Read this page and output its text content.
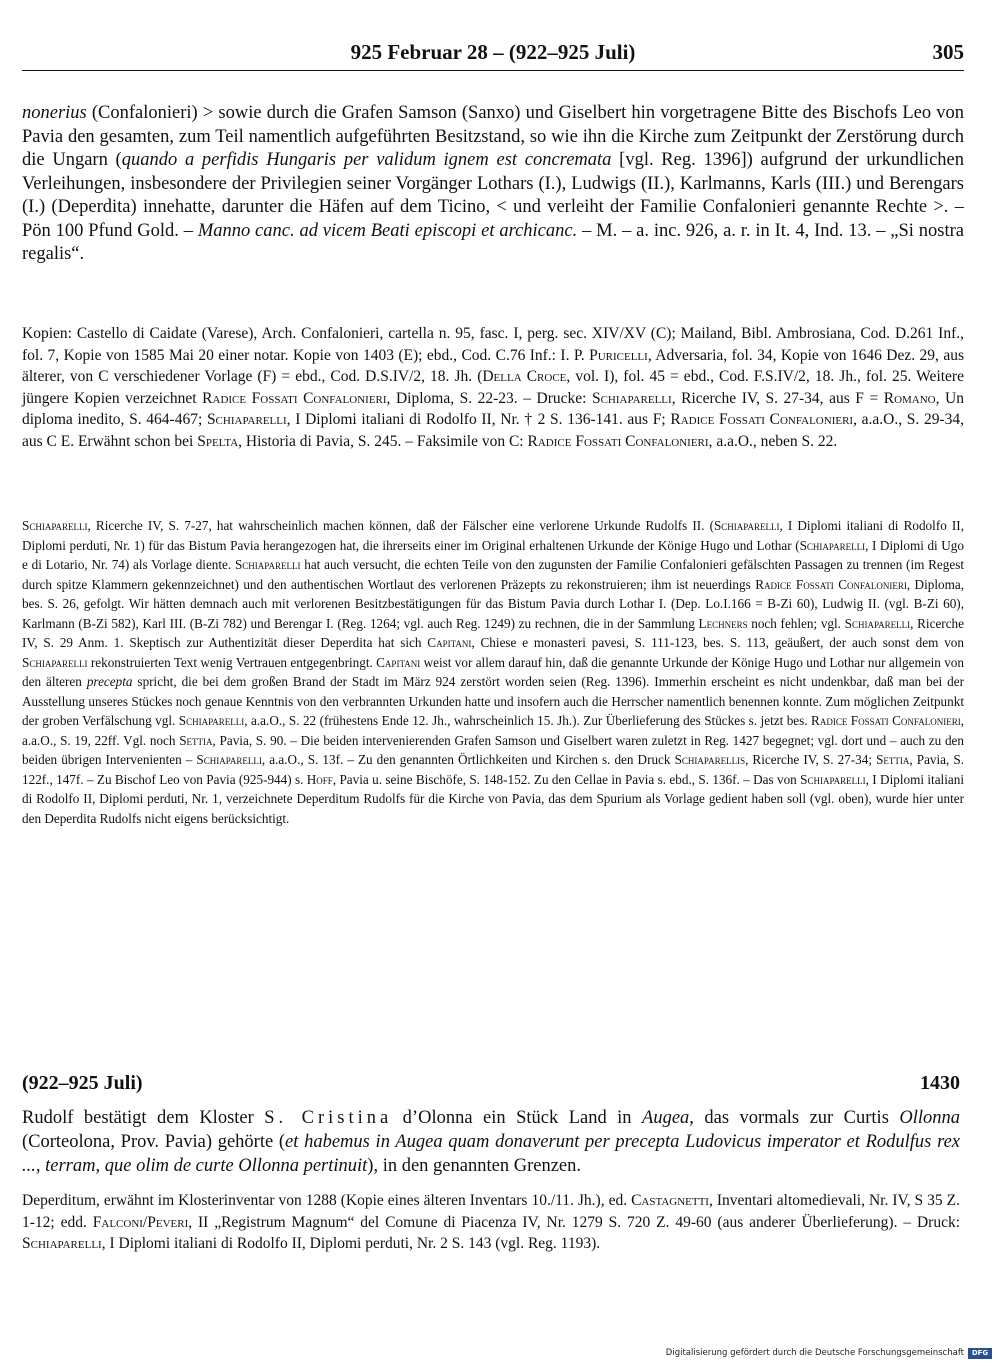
925 Februar 28 – (922–925 Juli)	305

nonerius (Confalonieri) > sowie durch die Grafen Samson (Sanxo) und Giselbert hin vorgetragene Bitte des Bischofs Leo von Pavia den gesamten, zum Teil namentlich aufgeführten Besitzstand, so wie ihn die Kirche zum Zeitpunkt der Zerstörung durch die Ungarn (quando a perfidis Hungaris per validum ignem est concremata [vgl. Reg. 1396]) aufgrund der urkundlichen Verleihungen, insbesondere der Privilegien seiner Vorgänger Lothars (I.), Ludwigs (II.), Karlmanns, Karls (III.) und Berengars (I.) (Deperdita) innehatte, darunter die Häfen auf dem Ticino, < und verleiht der Familie Confalonieri genannte Rechte >. – Pön 100 Pfund Gold. – Manno canc. ad vicem Beati episcopi et archicanc. – M. – a. inc. 926, a. r. in It. 4, Ind. 13. – „Si nostra regalis“.

Kopien: Castello di Caidate (Varese), Arch. Confalonieri, cartella n. 95, fasc. I, perg. sec. XIV/XV (C); Mailand, Bibl. Ambrosiana, Cod. D.261 Inf., fol. 7, Kopie von 1585 Mai 20 einer notar. Kopie von 1403 (E); ebd., Cod. C.76 Inf.: I. P. Puricelli, Adversaria, fol. 34, Kopie von 1646 Dez. 29, aus älterer, von C verschiedener Vorlage (F) = ebd., Cod. D.S.IV/2, 18. Jh. (Della Croce, vol. I), fol. 45 = ebd., Cod. F.S.IV/2, 18. Jh., fol. 25. Weitere jüngere Kopien verzeichnet Radice Fossati Confalonieri, Diploma, S. 22-23. – Drucke: Schiaparelli, Ricerche IV, S. 27-34, aus F = Romano, Un diploma inedito, S. 464-467; Schiaparelli, I Diplomi italiani di Rodolfo II, Nr. † 2 S. 136-141. aus F; Radice Fossati Confalonieri, a.a.O., S. 29-34, aus C E. Erwähnt schon bei Spelta, Historia di Pavia, S. 245. – Faksimile von C: Radice Fossati Confalonieri, a.a.O., neben S. 22.

Schiaparelli, Ricerche IV, S. 7-27, hat wahrscheinlich machen können, daß der Fälscher eine verlorene Urkunde Rudolfs II. (Schiaparelli, I Diplomi italiani di Rodolfo II, Diplomi perduti, Nr. 1) für das Bistum Pavia herangezogen hat, die ihrerseits einer im Original erhaltenen Urkunde der Könige Hugo und Lothar (Schiaparelli, I Diplomi di Ugo e di Lotario, Nr. 74) als Vorlage diente. Schiaparelli hat auch versucht, die echten Teile von den zugunsten der Familie Confalonieri gefälschten Passagen zu trennen (im Regest durch spitze Klammern gekennzeichnet) und den authentischen Wortlaut des verlorenen Präzepts zu rekonstruieren; ihm ist neuerdings Radice Fossati Confalonieri, Diploma, bes. S. 26, gefolgt. Wir hätten demnach auch mit verlorenen Besitzbestätigungen für das Bistum Pavia durch Lothar I. (Dep. Lo.I.166 = B-Zi 60), Ludwig II. (vgl. B-Zi 60), Karlmann (B-Zi 582), Karl III. (B-Zi 782) und Berengar I. (Reg. 1264; vgl. auch Reg. 1249) zu rechnen, die in der Sammlung Lechners noch fehlen; vgl. Schiaparelli, Ricerche IV, S. 29 Anm. 1. Skeptisch zur Authentizität dieser Deperdita hat sich Capitani, Chiese e monasteri pavesi, S. 111-123, bes. S. 113, geäußert, der auch sonst dem von Schiaparelli rekonstruierten Text wenig Vertrauen entgegenbringt. Capitani weist vor allem darauf hin, daß die genannte Urkunde der Könige Hugo und Lothar nur allgemein von den älteren precepta spricht, die bei dem großen Brand der Stadt im März 924 zerstört worden seien (Reg. 1396). Immerhin erscheint es nicht undenkbar, daß man bei der Ausstellung unseres Stückes noch genaue Kenntnis von den verbrannten Urkunden hatte und insofern auch die Herrscher namentlich benennen konnte. Zum möglichen Zeitpunkt der groben Verfälschung vgl. Schiaparelli, a.a.O., S. 22 (frühestens Ende 12. Jh., wahrscheinlich 15. Jh.). Zur Überlieferung des Stückes s. jetzt bes. Radice Fossati Confalonieri, a.a.O., S. 19, 22ff. Vgl. noch Settia, Pavia, S. 90. – Die beiden intervenierenden Grafen Samson und Giselbert waren zuletzt in Reg. 1427 begegnet; vgl. dort und – auch zu den beiden übrigen Intervenienten – Schiaparelli, a.a.O., S. 13f. – Zu den genannten Örtlichkeiten und Kirchen s. den Druck Schiaparellis, Ricerche IV, S. 27-34; Settia, Pavia, S. 122f., 147f. – Zu Bischof Leo von Pavia (925-944) s. Hoff, Pavia u. seine Bischöfe, S. 148-152. Zu den Cellae in Pavia s. ebd., S. 136f. – Das von Schiaparelli, I Diplomi italiani di Rodolfo II, Diplomi perduti, Nr. 1, verzeichnete Deperditum Rudolfs für die Kirche von Pavia, das dem Spurium als Vorlage gedient haben soll (vgl. oben), wurde hier unter den Deperdita Rudolfs nicht eigens berücksichtigt.

(922–925 Juli)	1430

Rudolf bestätigt dem Kloster S. Cristina d’Olonna ein Stück Land in Augea, das vormals zur Curtis Ollonna (Corteolona, Prov. Pavia) gehörte (et habemus in Augea quam donaverunt per precepta Ludovicus imperator et Rodulfus rex ..., terram, que olim de curte Ollonna pertinuit), in den genannten Grenzen.

Deperditum, erwähnt im Klosterinventar von 1288 (Kopie eines älteren Inventars 10./11. Jh.), ed. Castagnetti, Inventari altomedievali, Nr. IV, S 35 Z. 1-12; edd. Falconi/Peveri, II „Registrum Magnum“ del Comune di Piacenza IV, Nr. 1279 S. 720 Z. 49-60 (aus anderer Überlieferung). – Druck: Schiaparelli, I Diplomi italiani di Rodolfo II, Diplomi perduti, Nr. 2 S. 143 (vgl. Reg. 1193).

Digitalisierung gefördert durch die Deutsche Forschungsgemeinschaft	DFG
